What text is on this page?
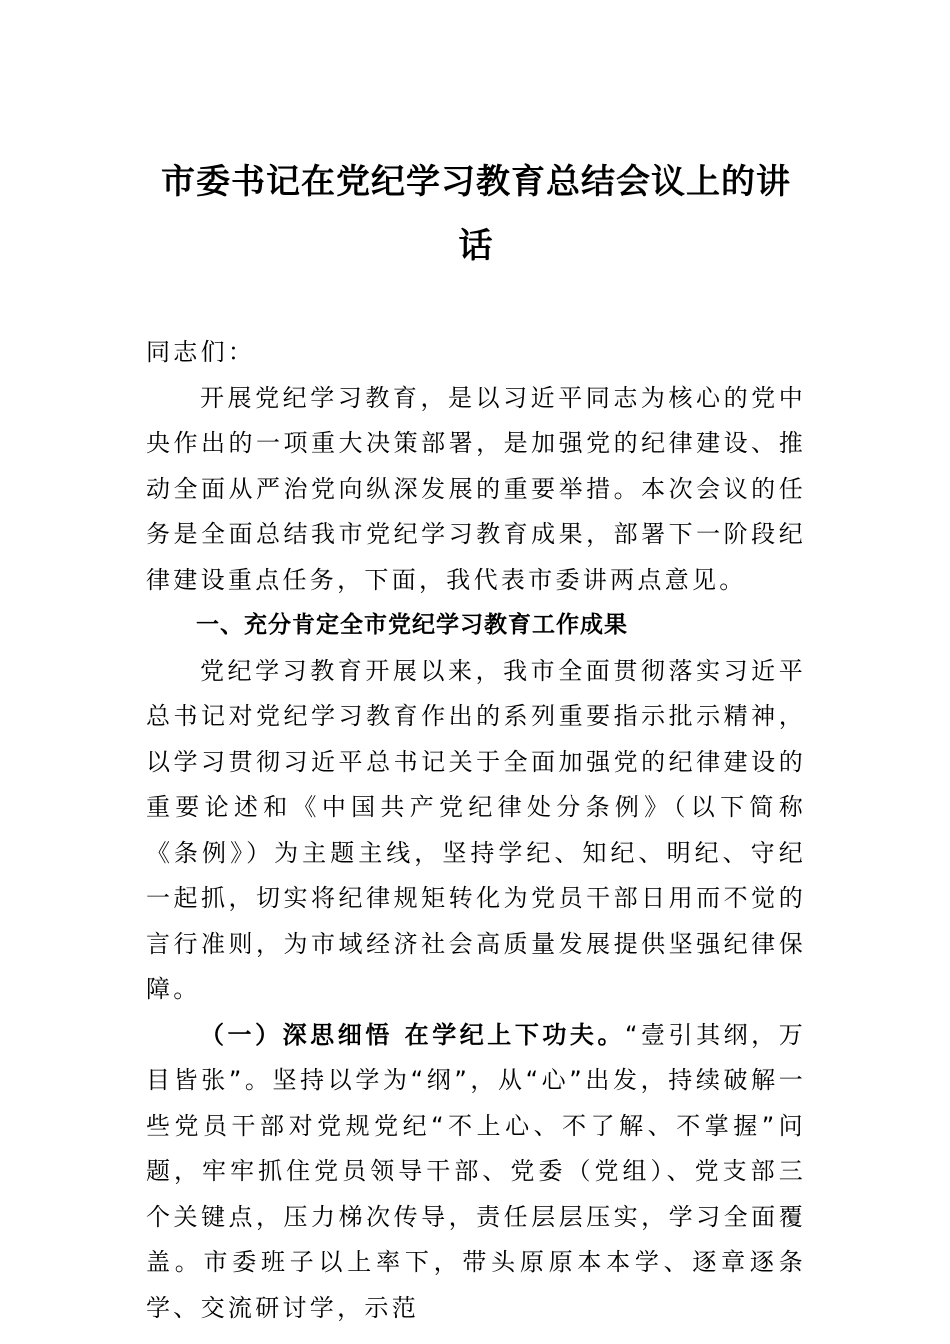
市委书记在党纪学习教育总结会议上的讲话

同志们：

开展党纪学习教育，是以习近平同志为核心的党中央作出的一项重大决策部署，是加强党的纪律建设、推动全面从严治党向纵深发展的重要举措。本次会议的任务是全面总结我市党纪学习教育成果，部署下一阶段纪律建设重点任务，下面，我代表市委讲两点意见。

一、充分肯定全市党纪学习教育工作成果

党纪学习教育开展以来，我市全面贯彻落实习近平总书记对党纪学习教育作出的系列重要指示批示精神，以学习贯彻习近平总书记关于全面加强党的纪律建设的重要论述和《中国共产党纪律处分条例》（以下简称《条例》）为主题主线，坚持学纪、知纪、明纪、守纪一起抓，切实将纪律规矩转化为党员干部日用而不觉的言行准则，为市域经济社会高质量发展提供坚强纪律保障。

（一）深思细悟 在学纪上下功夫。“壹引其纲，万目皆张”。坚持以学为“纲”，从“心”出发，持续破解一些党员干部对党规党纪“不上心、不了解、不掌握”问题，牢牢抓住党员领导干部、党委（党组）、党支部三个关键点，压力梯次传导，责任层层压实，学习全面覆盖。市委班子以上率下，带头原原本本学、逐章逐条学、交流研讨学，示范
